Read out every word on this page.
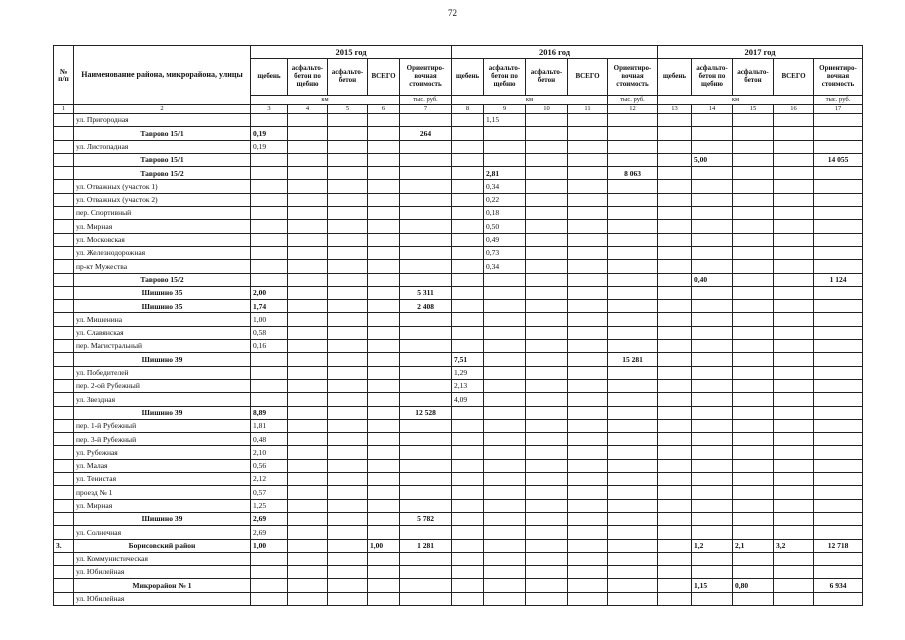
72
№ п/п	Наименование района, микрорайона, улицы	2015 год					2016 год					2017 год				
		щебень	асфальто-бетон по щебню	асфальто-бетон	ВСЕГО	Ориентиро-вочная стоимость	щебень	асфальто-бетон по щебню	асфальто-бетон	ВСЕГО	Ориентиро-вочная стоимость	щебень	асфальто-бетон по щебню	асфальто-бетон	ВСЕГО	Ориентиро-вочная стоимость
		км				тыс. руб.	км				тыс. руб.	км				тыс. руб.
1	2	3	4	5	6	7	8	9	10	11	12	13	14	15	16	17
	ул. Пригородная							1,15								
	Таврово 15/1	0,19				264										
	ул. Листопадная	0,19														
	Таврово 15/1												5,00			14 055
	Таврово 15/2							2,81			8 063					
	ул. Отважных (участок 1)							0,34								
	ул. Отважных (участок 2)							0,22								
	пер. Спортивный							0,18								
	ул. Мирная							0,50								
	ул. Московская							0,49								
	ул. Железнодорожная							0,73								
	пр-кт Мужества							0,34								
	Таврово 15/2												0,40			1 124
	Шишино 35	2,00				5 311										
	Шишино 35	1,74				2 408										
	ул. Мишенина	1,00														
	ул. Славянская	0,58														
	пер. Магистральный	0,16														
	Шишино 39						7,51				15 281					
	ул. Победителей						1,29									
	пер. 2-ой Рубежный						2,13									
	ул. Звездная						4,09									
	Шишино 39	8,89				12 528										
	пер. 1-й Рубежный	1,81														
	пер. 3-й Рубежный	0,48														
	ул. Рубежная	2,10														
	ул. Малая	0,56														
	ул. Тенистая	2,12														
	проезд № 1	0,57														
	ул. Мирная	1,25														
	Шишино 39	2,69				5 782										
	ул. Солнечная	2,69														
3.	Борисовский район	1,00			1,00	1 281							1,2	2,1	3,2	12 718
	ул. Коммунистическая															
	ул. Юбилейная															
	Микрорайон № 1												1,15	0,80		6 934
	ул. Юбилейная															
